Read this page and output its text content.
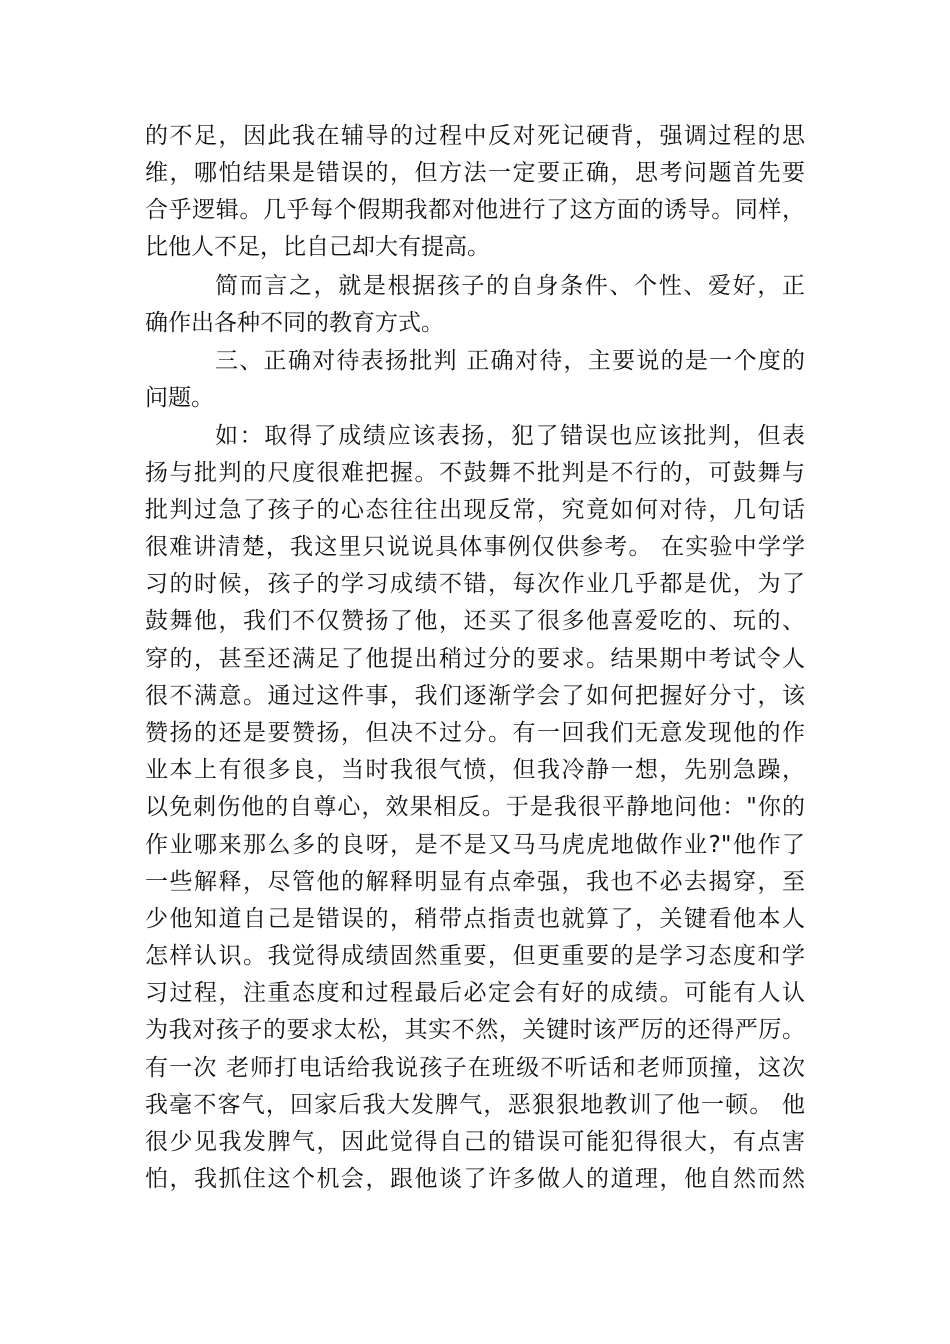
的不足，因此我在辅导的过程中反对死记硬背，强调过程的思
维，哪怕结果是错误的，但方法一定要正确，思考问题首先要
合乎逻辑。几乎每个假期我都对他进行了这方面的诱导。同样，
比他人不足，比自己却大有提高。
简而言之，就是根据孩子的自身条件、个性、爱好，正
确作出各种不同的教育方式。
三、正确对待表扬批判 正确对待，主要说的是一个度的
问题。
如：取得了成绩应该表扬，犯了错误也应该批判，但表
扬与批判的尺度很难把握。不鼓舞不批判是不行的，可鼓舞与
批判过急了孩子的心态往往出现反常，究竟如何对待，几句话
很难讲清楚，我这里只说说具体事例仅供参考。 在实验中学学
习的时候，孩子的学习成绩不错，每次作业几乎都是优，为了
鼓舞他，我们不仅赞扬了他，还买了很多他喜爱吃的、玩的、
穿的，甚至还满足了他提出稍过分的要求。结果期中考试令人
很不满意。通过这件事，我们逐渐学会了如何把握好分寸，该
赞扬的还是要赞扬，但决不过分。有一回我们无意发现他的作
业本上有很多良，当时我很气愤，但我冷静一想，先别急躁，
以免刺伤他的自尊心，效果相反。于是我很平静地问他："你的
作业哪来那么多的良呀，是不是又马马虎虎地做作业?"他作了
一些解释，尽管他的解释明显有点牵强，我也不必去揭穿，至
少他知道自己是错误的，稍带点指责也就算了，关键看他本人
怎样认识。我觉得成绩固然重要，但更重要的是学习态度和学
习过程，注重态度和过程最后必定会有好的成绩。可能有人认
为我对孩子的要求太松，其实不然，关键时该严厉的还得严厉。
有一次 老师打电话给我说孩子在班级不听话和老师顶撞，这次
我毫不客气，回家后我大发脾气，恶狠狠地教训了他一顿。 他
很少见我发脾气，因此觉得自己的错误可能犯得很大，有点害
怕，我抓住这个机会，跟他谈了许多做人的道理，他自然而然
